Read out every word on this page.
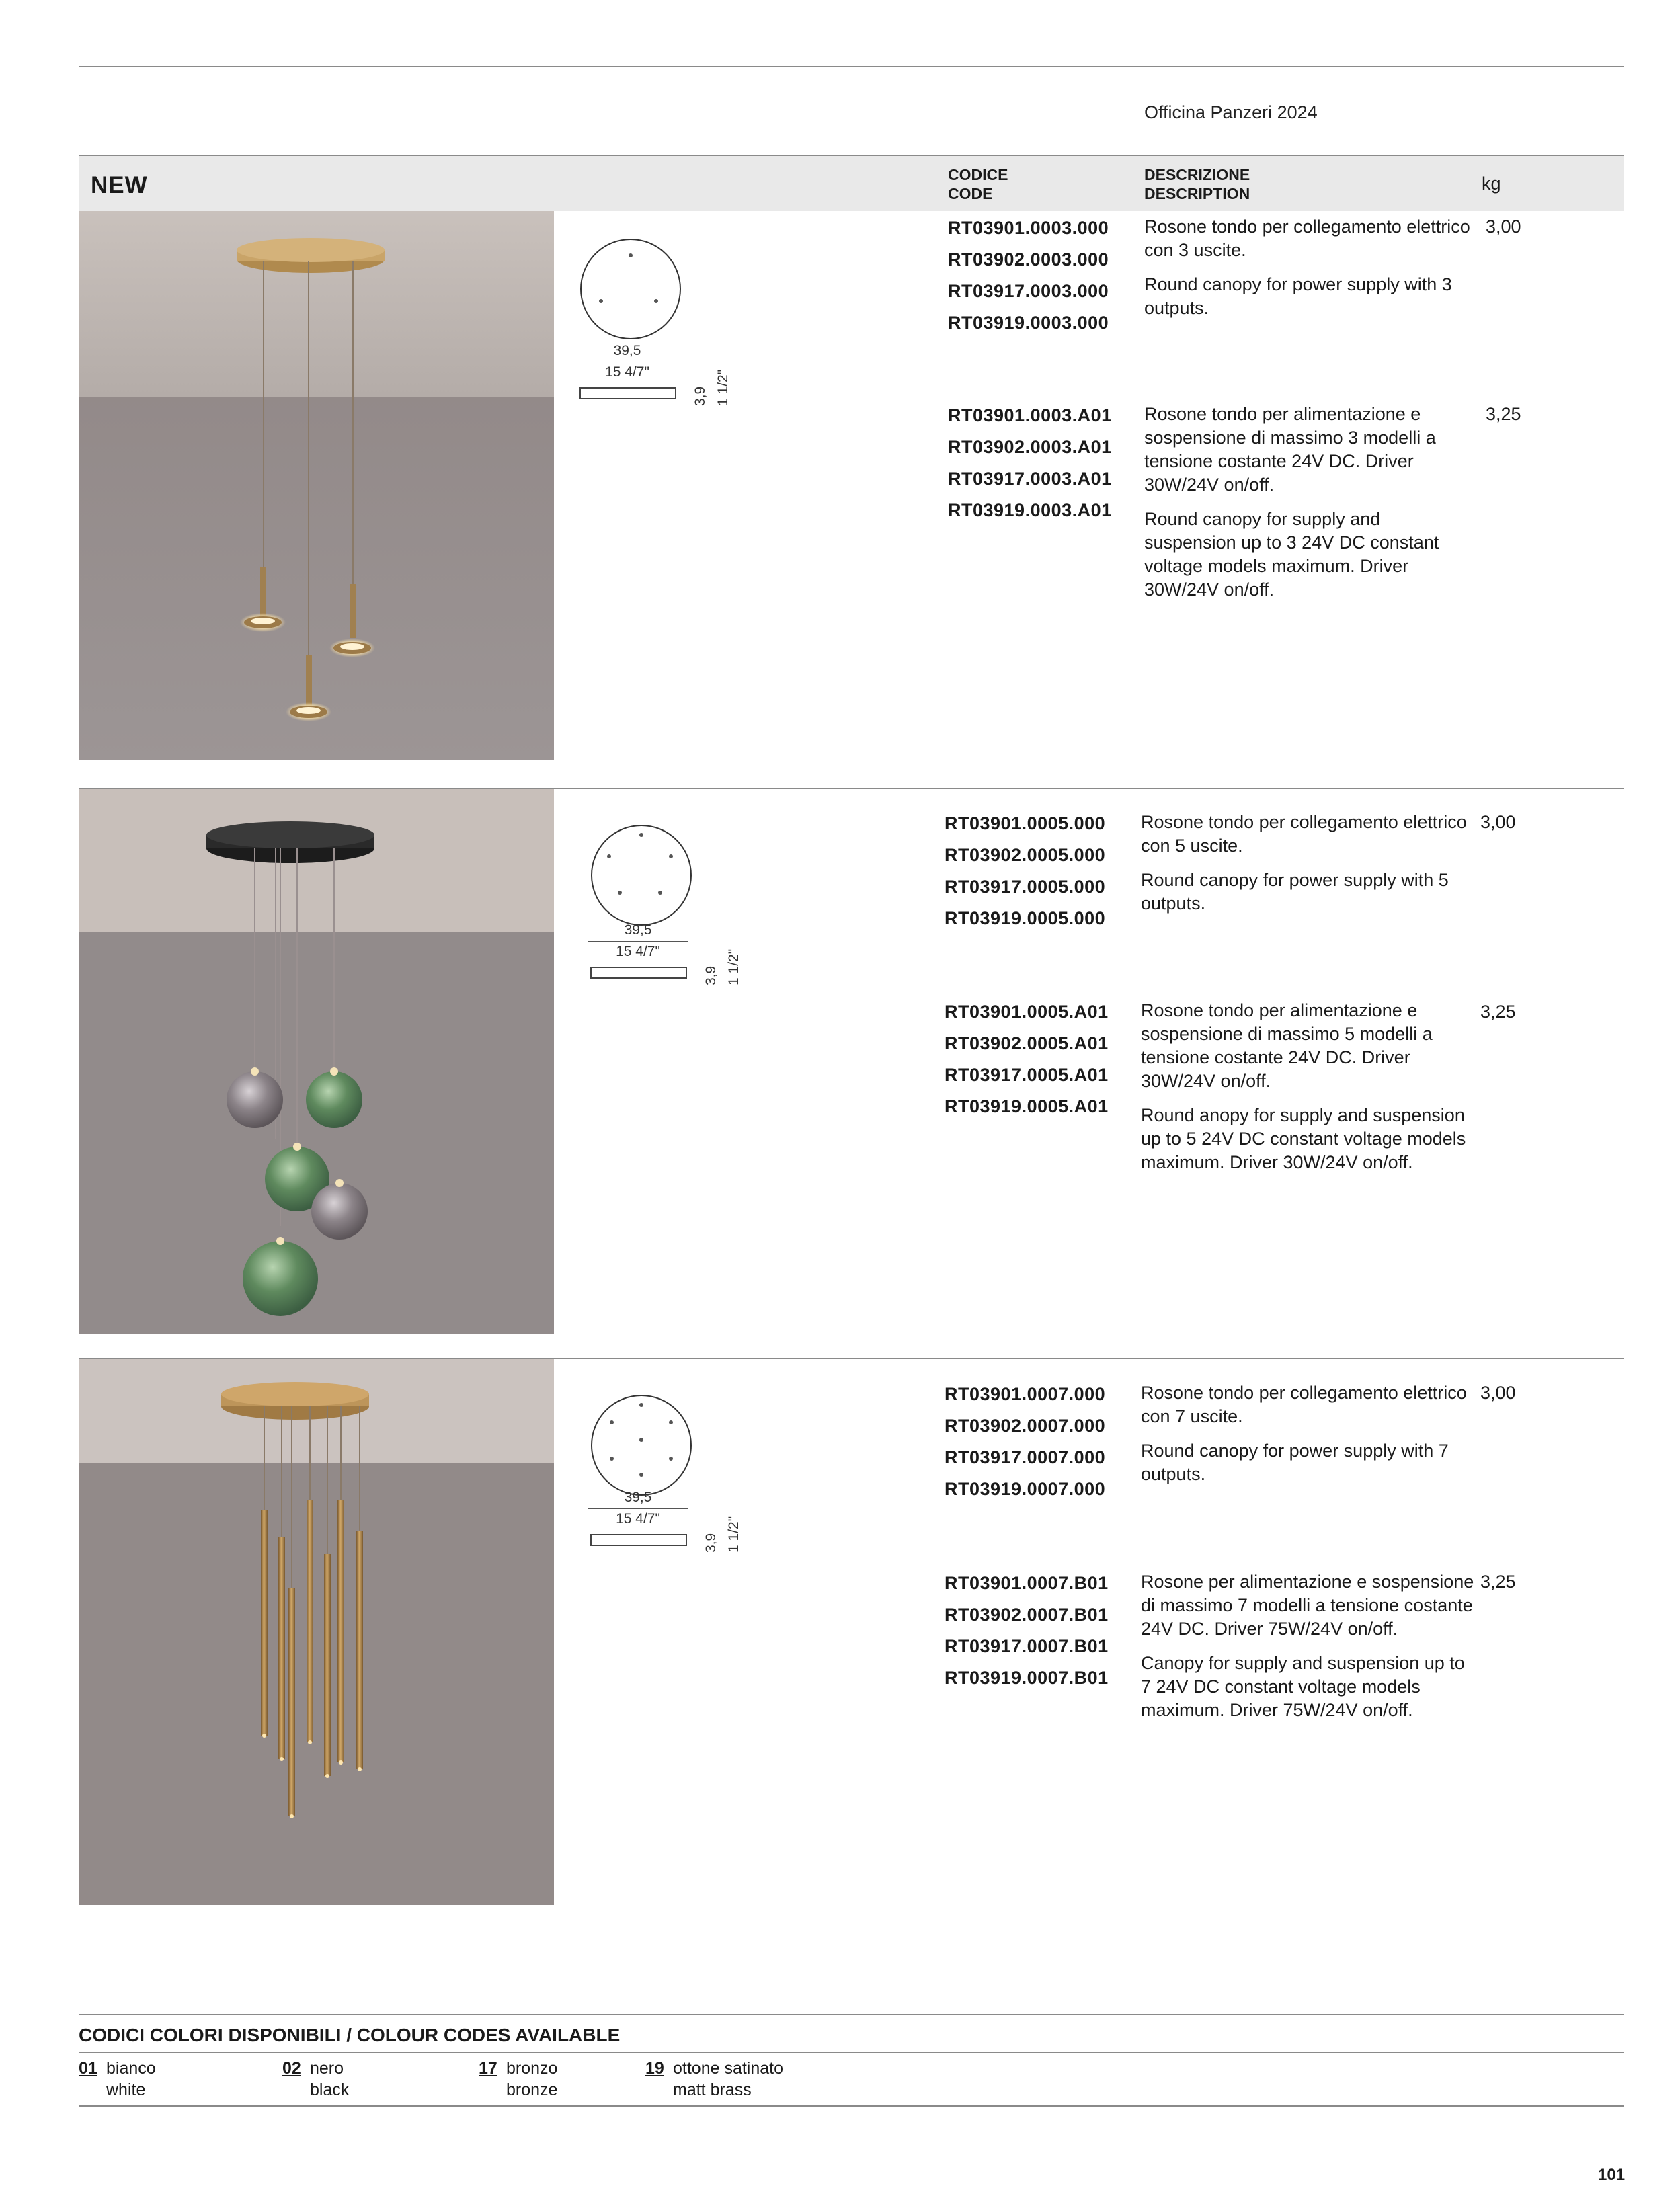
Officina Panzeri 2024
NEW	CODICE
CODE
DESCRIZIONE
DESCRIPTION	kg
39,5
15 4/7"
3,9 1 1/2"
RT03901.0003.000
RT03902.0003.000
RT03917.0003.000
RT03919.0003.000

Rosone tondo per collegamento elettrico con 3 uscite.

Round canopy for power supply with 3 outputs.

3,00
RT03901.0003.A01
RT03902.0003.A01
RT03917.0003.A01
RT03919.0003.A01

Rosone tondo per alimentazione e sospensione di massimo 3 modelli a tensione costante 24V DC. Driver 30W/24V on/off.

Round canopy for supply and suspension up to 3 24V DC constant voltage models maximum. Driver 30W/24V on/off.

3,25
39,5
15 4/7"
3,9 1 1/2"
RT03901.0005.000
RT03902.0005.000
RT03917.0005.000
RT03919.0005.000

Rosone tondo per collegamento elettrico con 5 uscite.

Round canopy for power supply with 5 outputs.

3,00
RT03901.0005.A01
RT03902.0005.A01
RT03917.0005.A01
RT03919.0005.A01

Rosone tondo per alimentazione e sospensione di massimo 5 modelli a tensione costante 24V DC. Driver 30W/24V on/off.

Round anopy for supply and suspension up to 5 24V DC constant voltage models maximum. Driver 30W/24V on/off.

3,25
39,5
15 4/7"
3,9 1 1/2"
RT03901.0007.000
RT03902.0007.000
RT03917.0007.000
RT03919.0007.000

Rosone tondo per collegamento elettrico con 7 uscite.

Round canopy for power supply with 7 outputs.

3,00
RT03901.0007.B01
RT03902.0007.B01
RT03917.0007.B01
RT03919.0007.B01

Rosone per alimentazione e sospensione di massimo 7 modelli a tensione costante 24V DC. Driver 75W/24V on/off.

Canopy for supply and suspension up to 7 24V DC constant voltage models maximum. Driver 75W/24V on/off.

3,25
CODICI COLORI DISPONIBILI / COLOUR CODES AVAILABLE
01 bianco
white
02 nero
black
17 bronzo
bronze
19 ottone satinato
matt brass
101
